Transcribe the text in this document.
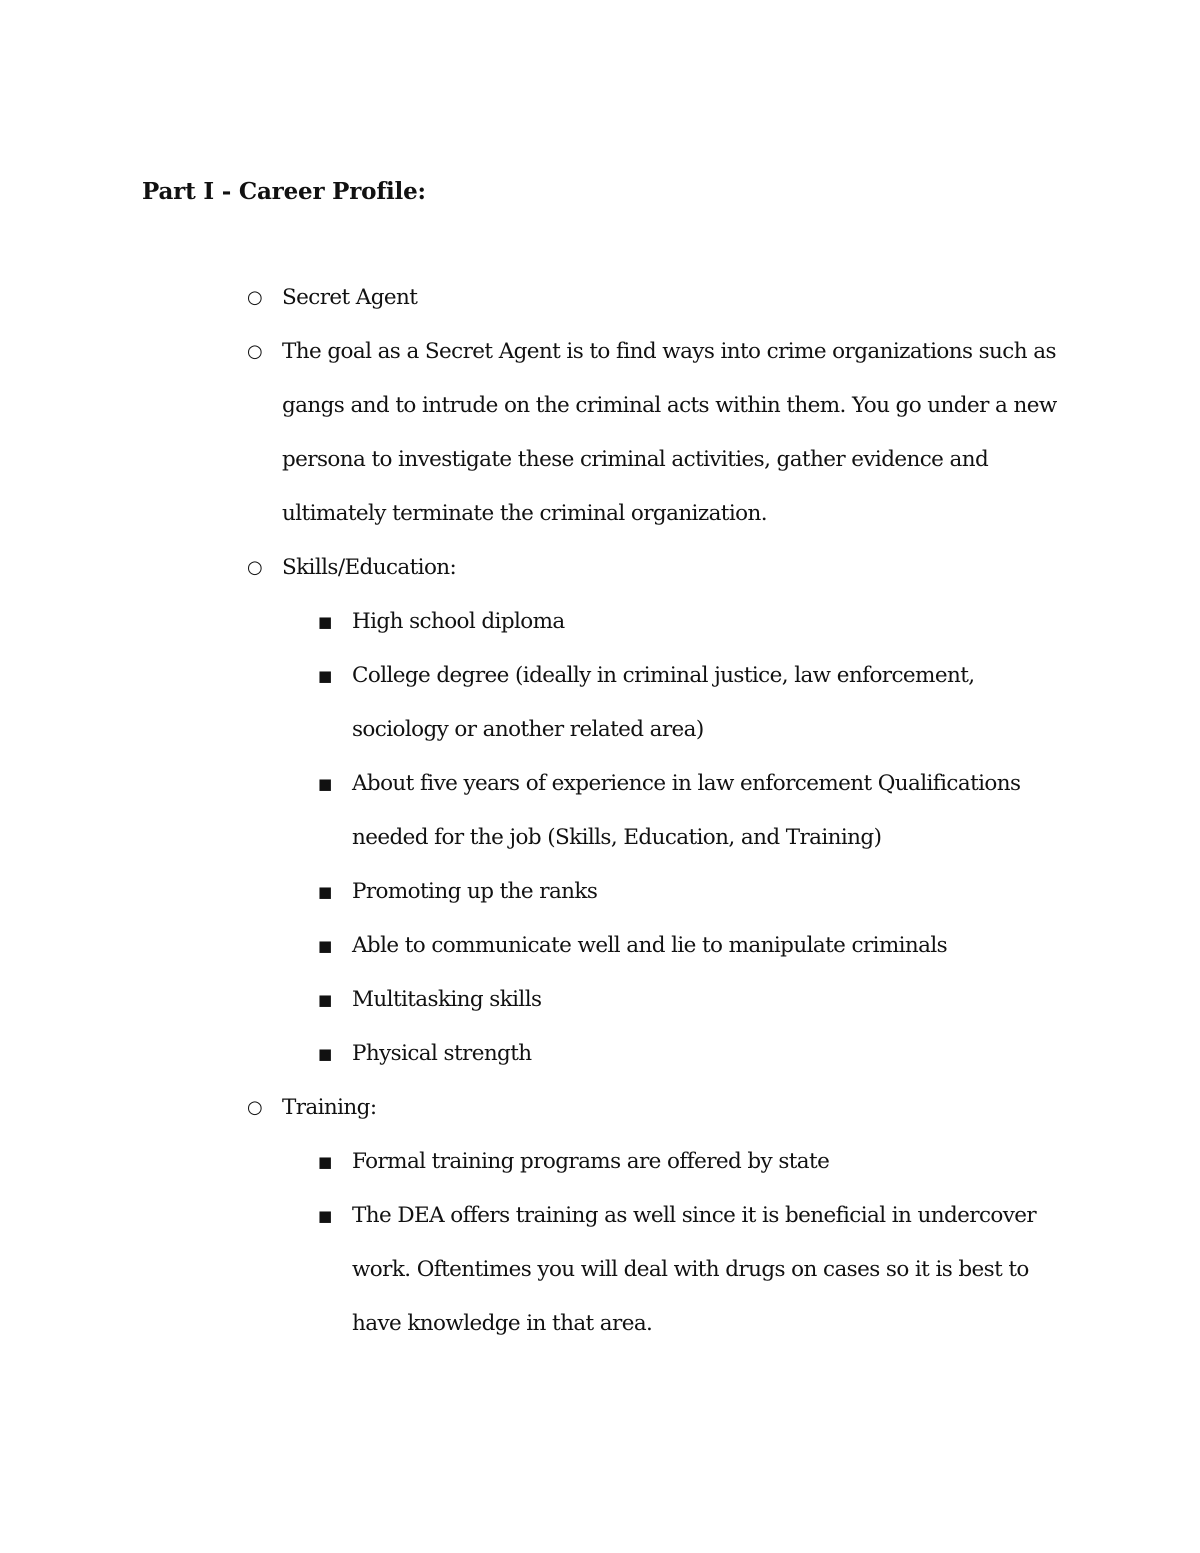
Part I - Career Profile:
○ Secret Agent
○ The goal as a Secret Agent is to find ways into crime organizations such as gangs and to intrude on the criminal acts within them. You go under a new persona to investigate these criminal activities, gather evidence and ultimately terminate the criminal organization.
○ Skills/Education:
■ High school diploma
■ College degree (ideally in criminal justice, law enforcement, sociology or another related area)
■ About five years of experience in law enforcement Qualifications needed for the job (Skills, Education, and Training)
■ Promoting up the ranks
■ Able to communicate well and lie to manipulate criminals
■ Multitasking skills
■ Physical strength
○ Training:
■ Formal training programs are offered by state
■ The DEA offers training as well since it is beneficial in undercover work. Oftentimes you will deal with drugs on cases so it is best to have knowledge in that area.
